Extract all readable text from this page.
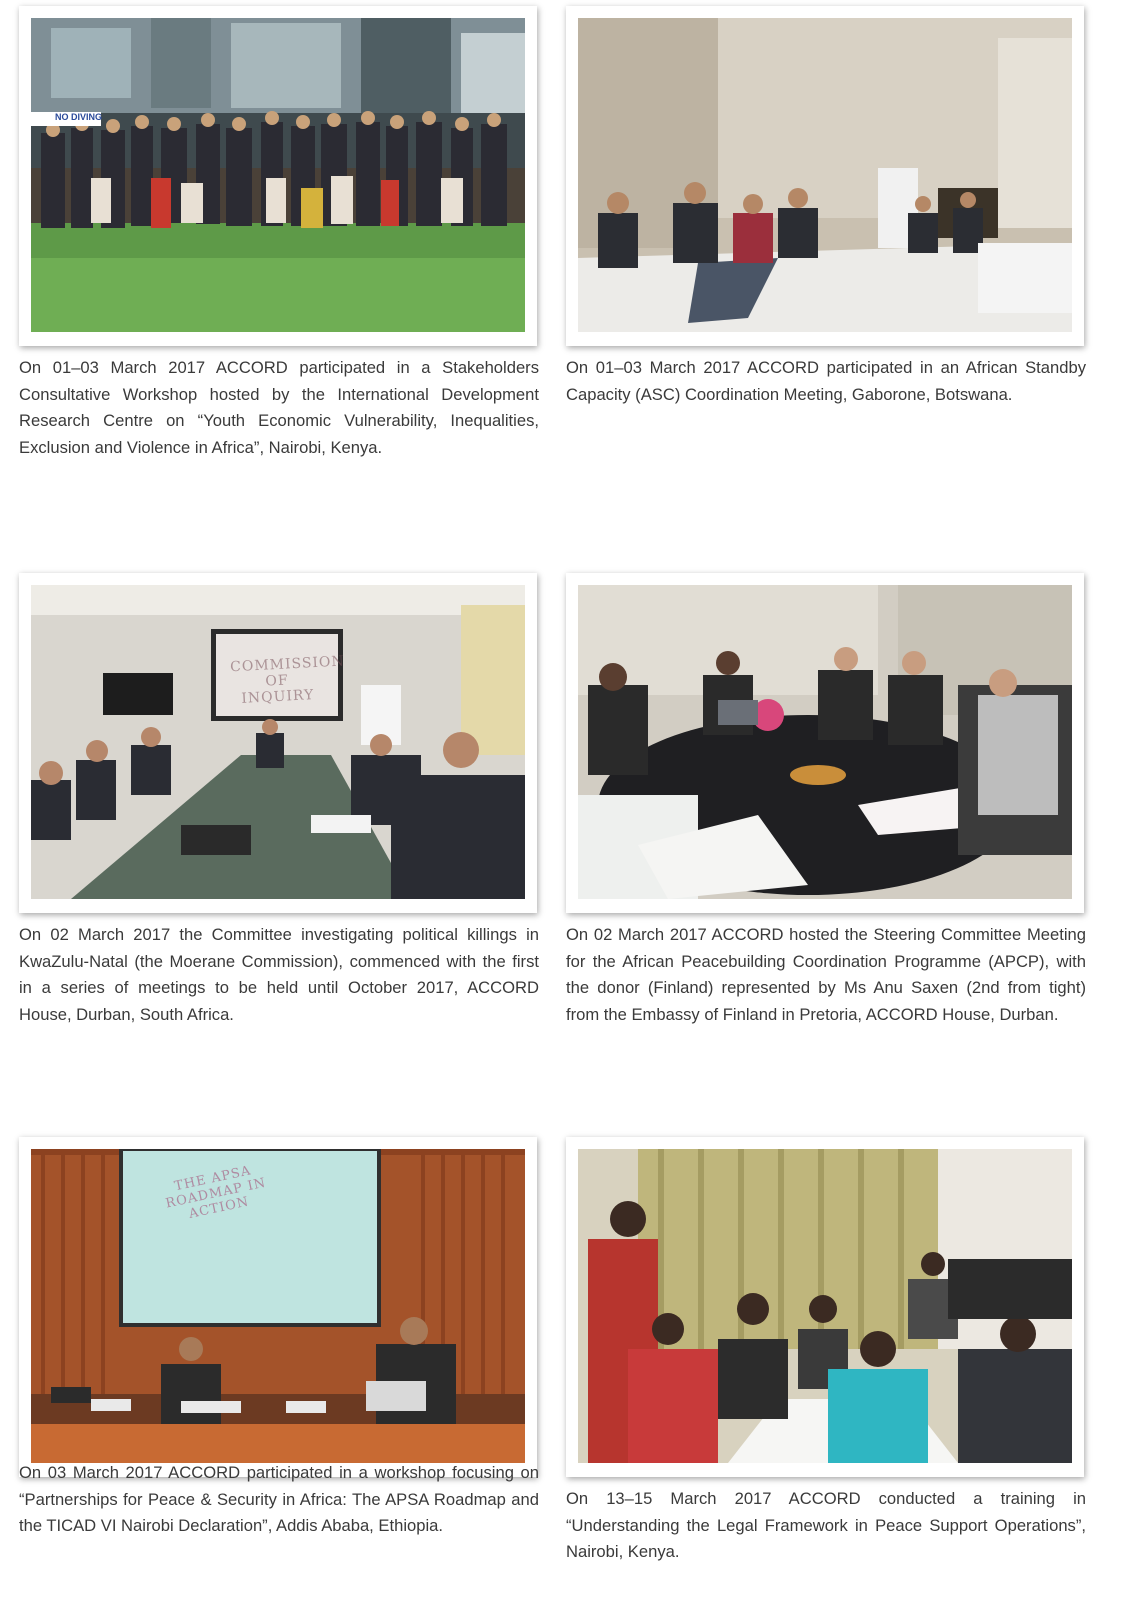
NO DIVING

On 01–03 March 2017 ACCORD participated in a Stakeholders Consultative Workshop hosted by the International Development Research Centre on “Youth Economic Vulnerability, Inequalities, Exclusion and Violence in Africa”, Nairobi, Kenya.

On 01–03 March 2017 ACCORD participated in an African Standby Capacity (ASC) Coordination Meeting, Gaborone, Botswana.

COMMISSION OF INQUIRY

On 02 March 2017 the Committee investigating political killings in KwaZulu-Natal (the Moerane Commission), commenced with the first in a series of meetings to be held until October 2017, ACCORD House, Durban, South Africa.

On 02 March 2017 ACCORD hosted the Steering Committee Meeting for the African Peacebuilding Coordination Programme (APCP), with the donor (Finland) represented by Ms Anu Saxen (2nd from tight) from the Embassy of Finland in Pretoria, ACCORD House, Durban.

THE APSA ROADMAP IN ACTION

On 03 March 2017 ACCORD participated in a workshop focusing on “Partnerships for Peace & Security in Africa: The APSA Roadmap and the TICAD VI Nairobi Declaration”, Addis Ababa, Ethiopia.

On 13–15 March 2017 ACCORD conducted a training in “Understanding the Legal Framework in Peace Support Operations”, Nairobi, Kenya.
